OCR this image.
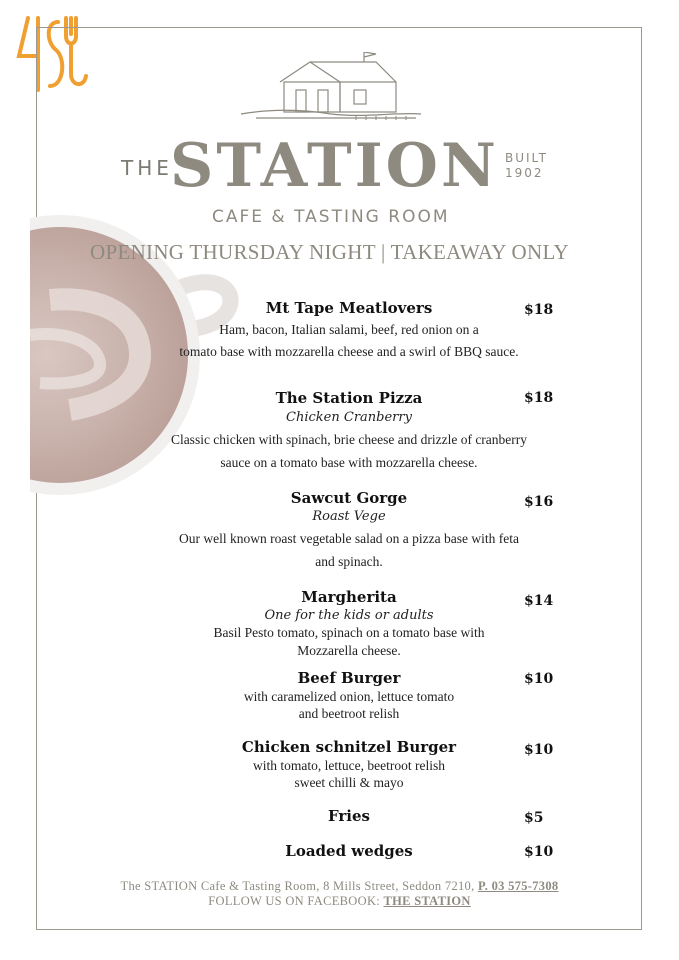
THE
STATION BUILT
1902
CAFE & TASTING ROOM
OPENING THURSDAY NIGHT | TAKEAWAY ONLY
Mt Tape Meatlovers
Ham, bacon, Italian salami, beef, red onion on a
tomato base with mozzarella cheese and a swirl of BBQ sauce.
$18
The Station Pizza
Chicken Cranberry
Classic chicken with spinach, brie cheese and drizzle of cranberry
sauce on a tomato base with mozzarella cheese.
$18
Sawcut Gorge
Roast Vege
Our well known roast vegetable salad on a pizza base with feta
and spinach.
$16
Margherita
One for the kids or adults
Basil Pesto tomato, spinach on a tomato base with
Mozzarella cheese.
$14
Beef Burger
with caramelized onion, lettuce tomato
and beetroot relish
$10
Chicken schnitzel Burger
with tomato, lettuce, beetroot relish
sweet chilli & mayo
$10
Fries	$5
Loaded wedges	$10
The STATION Cafe & Tasting Room, 8 Mills Street, Seddon 7210, P. 03 575-7308
FOLLOW US ON FACEBOOK: THE STATION
